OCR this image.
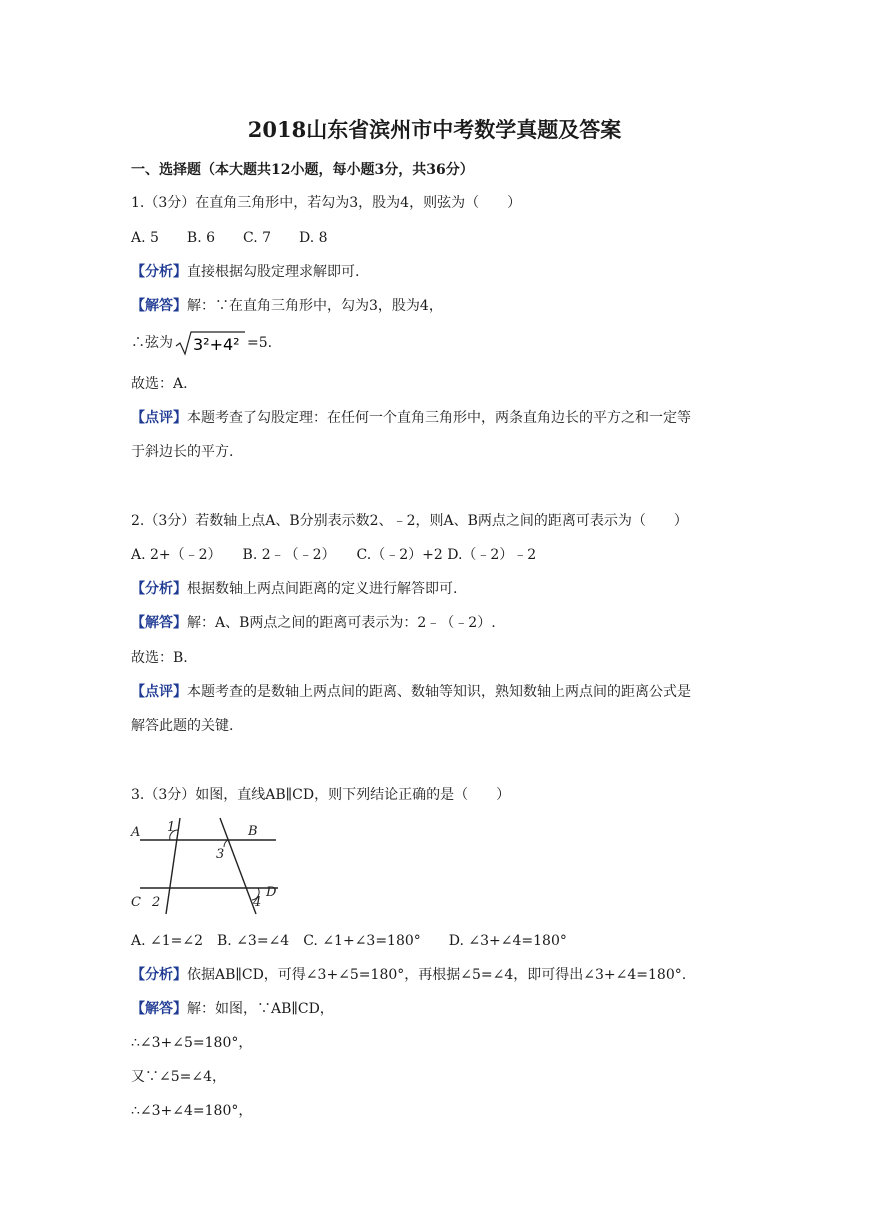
2018山东省滨州市中考数学真题及答案
一、选择题（本大题共12小题，每小题3分，共36分）
1.（3分）在直角三角形中，若勾为3，股为4，则弦为（　　）
A. 5　　B. 6　　C. 7　　D. 8
【分析】直接根据勾股定理求解即可.
【解答】解：∵在直角三角形中，勾为3，股为4，
∴弦为 3²+4² =5.
故选：A.
【点评】本题考查了勾股定理：在任何一个直角三角形中，两条直角边长的平方之和一定等
于斜边长的平方.
2.（3分）若数轴上点A、B分别表示数2、﹣2，则A、B两点之间的距离可表示为（　　）
A. 2+（﹣2）　　B. 2﹣（﹣2）　　C.（﹣2）+2 D.（﹣2）﹣2
【分析】根据数轴上两点间距离的定义进行解答即可.
【解答】解：A、B两点之间的距离可表示为：2﹣（﹣2）.
故选：B.
【点评】本题考查的是数轴上两点间的距离、数轴等知识，熟知数轴上两点间的距离公式是
解答此题的关键.
3.（3分）如图，直线AB∥CD，则下列结论正确的是（　　）
A	B
C
D
1
2
3
4
A. ∠1=∠2　B. ∠3=∠4　C. ∠1+∠3=180°　　D. ∠3+∠4=180°
【分析】依据AB∥CD，可得∠3+∠5=180°，再根据∠5=∠4，即可得出∠3+∠4=180°.
【解答】解：如图，∵AB∥CD，
∴∠3+∠5=180°，
又∵∠5=∠4，
∴∠3+∠4=180°，
